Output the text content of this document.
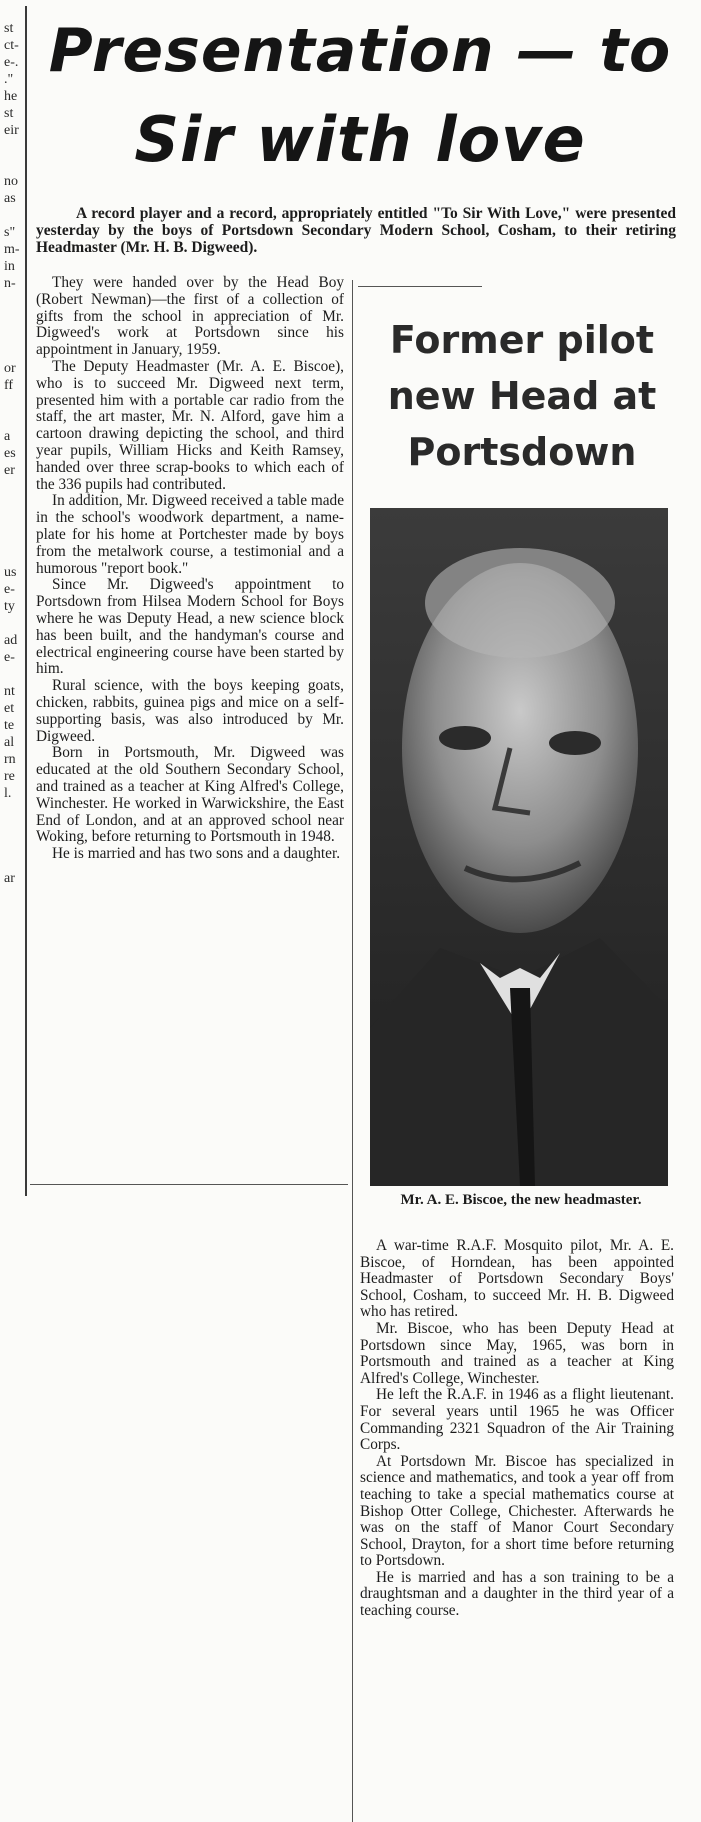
st
ct-
e-.
."
he
st
eir
no
as
s"
m-
in
n-
or
ff
a
es
er
us
e-
ty
ad
e-
nt
et
te
al
rn
re
l.
ar
Presentation — to
Sir with love

A record player and a record, appropriately entitled "To Sir With Love," were presented yesterday by the boys of Portsdown Secondary Modern School, Cosham, to their retiring Headmaster (Mr. H. B. Digweed).

They were handed over by the Head Boy (Robert Newman)—the first of a collection of gifts from the school in appreciation of Mr. Digweed's work at Portsdown since his appointment in January, 1959.

The Deputy Headmaster (Mr. A. E. Biscoe), who is to succeed Mr. Digweed next term, presented him with a portable car radio from the staff, the art master, Mr. N. Alford, gave him a cartoon drawing depicting the school, and third year pupils, William Hicks and Keith Ramsey, handed over three scrap-books to which each of the 336 pupils had contributed.

In addition, Mr. Digweed received a table made in the school's woodwork department, a name-plate for his home at Portchester made by boys from the metalwork course, a testimonial and a humorous "report book."

Since Mr. Digweed's appointment to Portsdown from Hilsea Modern School for Boys where he was Deputy Head, a new science block has been built, and the handyman's course and electrical engineering course have been started by him.

Rural science, with the boys keeping goats, chicken, rabbits, guinea pigs and mice on a self-supporting basis, was also introduced by Mr. Digweed.

Born in Portsmouth, Mr. Digweed was educated at the old Southern Secondary School, and trained as a teacher at King Alfred's College, Winchester. He worked in Warwickshire, the East End of London, and at an approved school near Woking, before returning to Portsmouth in 1948.

He is married and has two sons and a daughter.

Former pilot
new Head at
Portsdown
Mr. A. E. Biscoe, the new headmaster.

A war-time R.A.F. Mosquito pilot, Mr. A. E. Biscoe, of Horndean, has been appointed Headmaster of Portsdown Secondary Boys' School, Cosham, to succeed Mr. H. B. Digweed who has retired.

Mr. Biscoe, who has been Deputy Head at Portsdown since May, 1965, was born in Portsmouth and trained as a teacher at King Alfred's College, Winchester.

He left the R.A.F. in 1946 as a flight lieutenant. For several years until 1965 he was Officer Commanding 2321 Squadron of the Air Training Corps.

At Portsdown Mr. Biscoe has specialized in science and mathematics, and took a year off from teaching to take a special mathematics course at Bishop Otter College, Chichester. Afterwards he was on the staff of Manor Court Secondary School, Drayton, for a short time before returning to Portsdown.

He is married and has a son training to be a draughtsman and a daughter in the third year of a teaching course.
